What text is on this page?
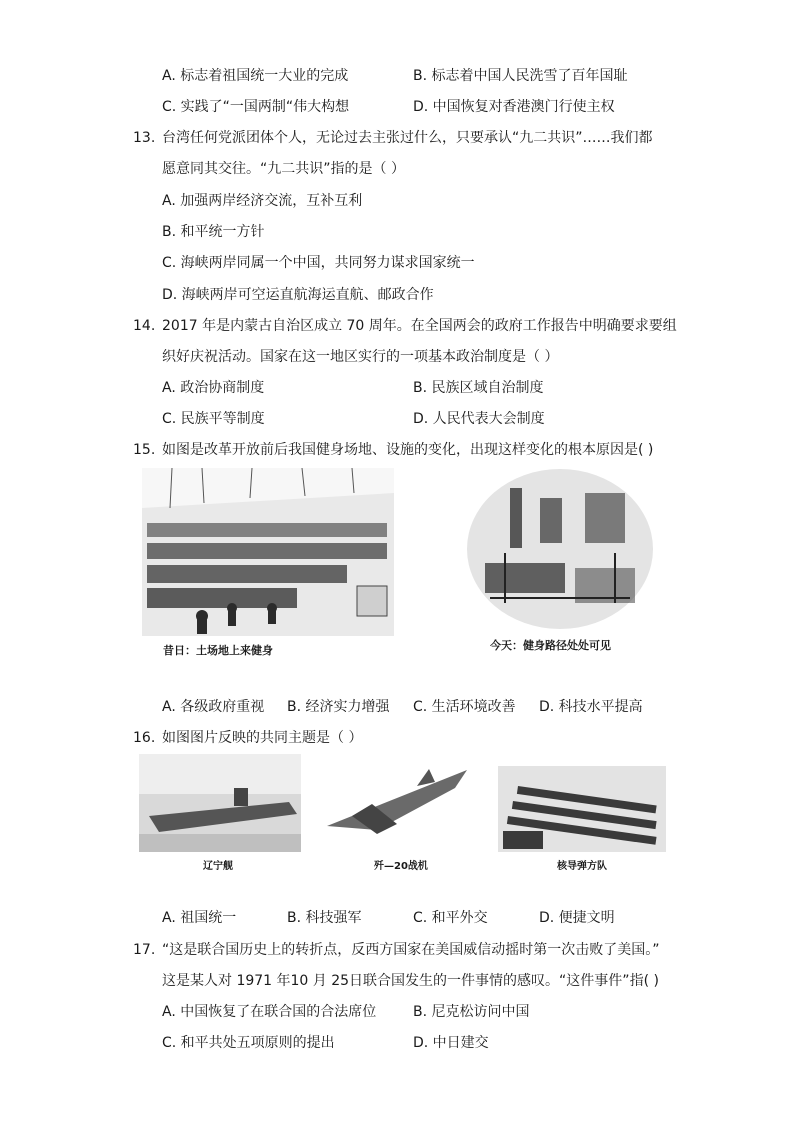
A. 标志着祖国统一大业的完成	B. 标志着中国人民洗雪了百年国耻
C. 实践了“一国两制“伟大构想	D. 中国恢复对香港澳门行使主权
13. 台湾任何党派团体个人，无论过去主张过什么，只要承认“九二共识”……我们都
愿意同其交往。“九二共识”指的是（ ）
A. 加强两岸经济交流，互补互利
B. 和平统一方针
C. 海峡两岸同属一个中国，共同努力谋求国家统一
D. 海峡两岸可空运直航海运直航、邮政合作
14. 2017 年是内蒙古自治区成立 70 周年。在全国两会的政府工作报告中明确要求要组
织好庆祝活动。国家在这一地区实行的一项基本政治制度是（ ）
A. 政治协商制度	B. 民族区域自治制度
C. 民族平等制度	D. 人民代表大会制度
15. 如图是改革开放前后我国健身场地、设施的变化，出现这样变化的根本原因是( )
昔日：土场地上来健身	今天：健身路径处处可见
A. 各级政府重视 B. 经济实力增强 C. 生活环境改善 D. 科技水平提高
16. 如图图片反映的共同主题是（ ）
辽宁舰	歼—20战机	核导弹方队
A. 祖国统一	B. 科技强军	C. 和平外交	D. 便捷文明
17. “这是联合国历史上的转折点，反西方国家在美国威信动摇时第一次击败了美国。”
这是某人对 1971 年10 月 25日联合国发生的一件事情的感叹。“这件事件”指( )
A. 中国恢复了在联合国的合法席位	B. 尼克松访问中国
C. 和平共处五项原则的提出	D. 中日建交
